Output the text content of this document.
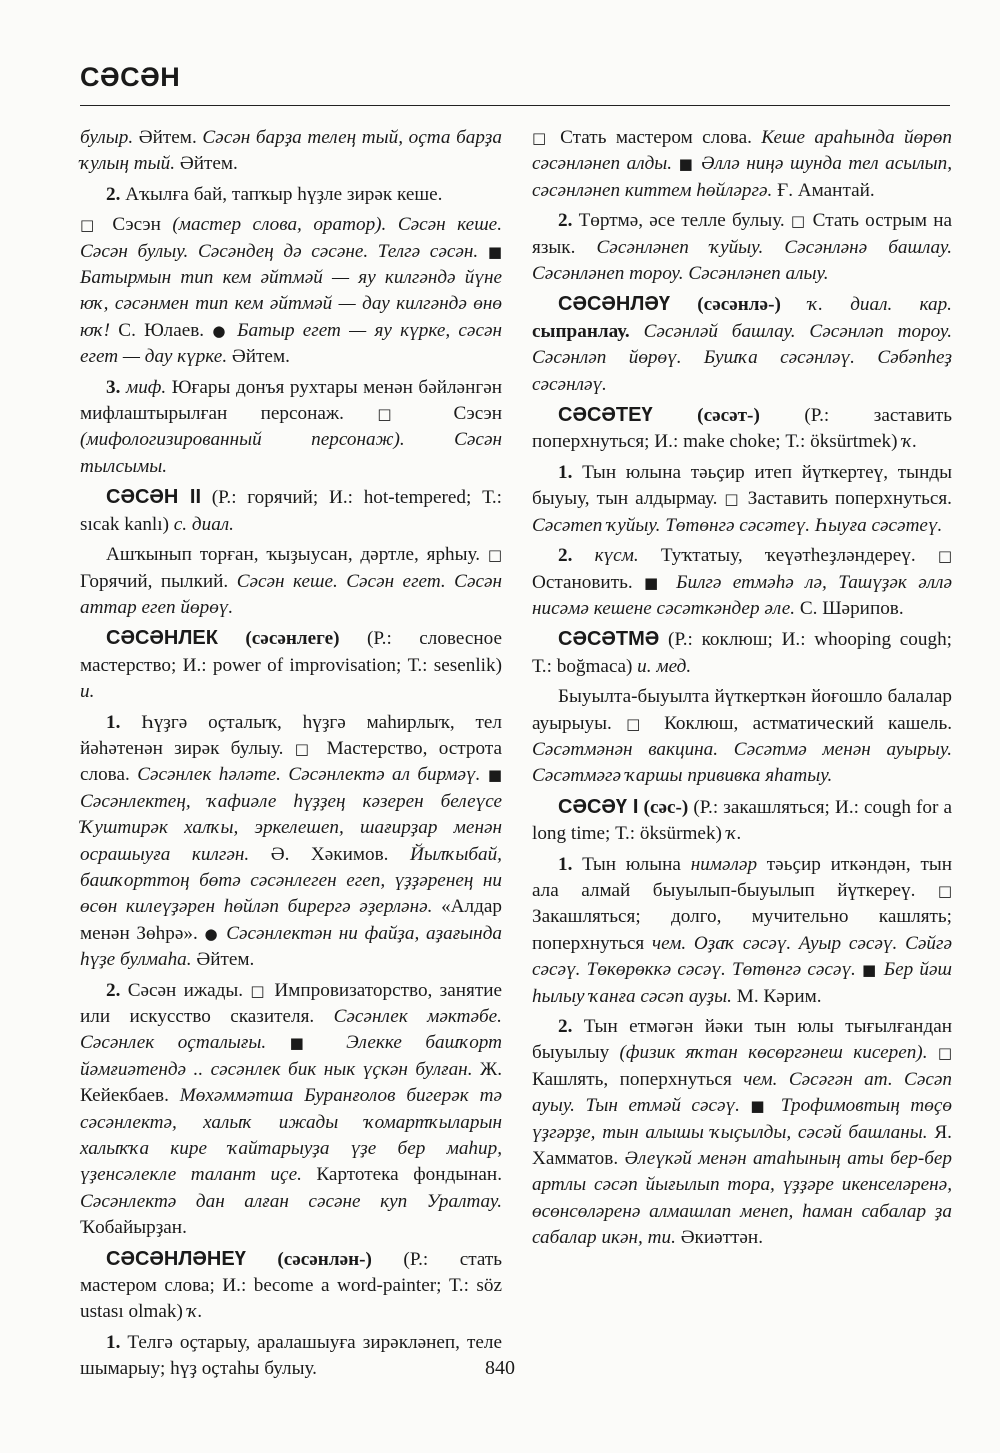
СӘСӘН

булыр. Әйтем. Сәсән барҙа телең тый, оҫта барҙа ҡулың тый. Әйтем.

2. Аҡылға бай, тапҡыр һүҙле зирәк кеше.

□ Сэсэн (мастер слова, оратор). Сәсән кеше. Сәсән булыу. Сәсәндең дә сәсәне. Телгә сәсән. ■ Батырмын тип кем әйтмәй — яу килгәндә йүне юҡ, сәсәнмен тип кем әйтмәй — дау килгәндә өнө юҡ! С. Юлаев. ● Батыр егет — яу күрке, сәсән егет — дау күрке. Әйтем.

3. миф. Юғары донъя рухтары менән бәйләнгән мифлаштырылған персонаж. □ Сэсэн (мифологизированный персонаж). Сәсән тылсымы.

СӘСӘН II (Р.: горячий; И.: hot-tempered; Т.: sıcak kanlı) с. диал.

Ашҡынып торған, ҡыҙыусан, дәртле, ярһыу. □ Горячий, пылкий. Сәсән кеше. Сәсән егет. Сәсән аттар егеп йөрөү.

СӘСӘНЛЕК (сәсәнлеге) (Р.: словесное мастерство; И.: power of improvisation; Т.: sesenlik) и.

1. Һүҙгә оҫталыҡ, һүҙгә маһирлыҡ, тел йәһәтенән зирәк булыу. □ Мастерство, острота слова. Сәсәнлек һәләте. Сәсәнлектә ал бирмәү. ■ Сәсәнлектең, ҡафиәле һүҙҙең кәзерен белеүсе Ҡуштирәк халҡы, эркелешеп, шағирҙар менән осрашыуға килгән. Ә. Хәкимов. Йылҡыбай, башҡорттоң бөтә сәсәнлеген егеп, үҙҙәренең ни өсөн килеүҙәрен һөйләп бирергә әҙерләнә. «Алдар менән Зөһрә». ● Сәсәнлектән ни файҙа, аҙағында һүҙе булмаһа. Әйтем.

2. Сәсән ижады. □ Импровизаторство, занятие или искусство сказителя. Сәсәнлек мәктәбе. Сәсәнлек оҫталығы. ■ Элекке башҡорт йәмғиәтендә .. сәсәнлек бик нык үҫкән булған. Ж. Кейекбаев. Мөхәммәтша Буранғолов бигерәк тә сәсәнлектә, халыҡ ижады ҡомартҡыларын халыҡҡа кире ҡайтарыуҙа үҙе бер маһир, үҙенсәлекле талант иҫе. Картотека фондынан. Сәсәнлектә дан алған сәсәне куп Уралтау. Ҡобайырҙан.

СӘСӘНЛӘНЕҮ (сәсәнлән-) (Р.: стать мастером слова; И.: become a word-painter; Т.: söz ustası olmak) ҡ.

1. Телгә оҫтарыу, аралашыуға зирәкләнеп, теле шымарыу; һүҙ оҫтаһы булыу.

□ Стать мастером слова. Кеше араһында йөрөп сәсәнләнеп алды. ■ Әллә ниңә шунда тел асылып, сәсәнләнеп киттем һөйләргә. Ғ. Амантай.

2. Төртмә, әсе телле булыу. □ Стать острым на язык. Сәсәнләнеп ҡуйыу. Сәсәнләнә башлау. Сәсәнләнеп тороу. Сәсәнләнеп алыу.

СӘСӘНЛӘҮ (сәсәнлә-) ҡ. диал. кар. сыпранлау. Сәсәнләй башлау. Сәсәнләп тороу. Сәсәнләп йөрөү. Бушҡа сәсәнләү. Сәбәпһеҙ сәсәнләү.

СӘСӘТЕҮ (сәсәт-) (Р.: заставить поперхнуться; И.: make choke; Т.: öksürtmek) ҡ.

1. Тын юлына тәьҫир итеп йүткертеү, тынды быуыу, тын алдырмау. □ Заставить поперхнуться. Сәсәтеп ҡуйыу. Төтөнгә сәсәтеү. Һыуға сәсәтеү.

2. күсм. Туҡтатыу, ҡеүәтһеҙләндереү. □ Остановить. ■ Билгә етмәһә лә, Ташүҙәк әллә нисәмә кешене сәсәткәндер әле. С. Шәрипов.

СӘСӘТМӘ (Р.: коклюш; И.: whooping cough; Т.: boğmaca) и. мед.

Быуылта-быуылта йүткерткән йоғошло балалар ауырыуы. □ Коклюш, астматический кашель. Сәсәтмәнән вакцина. Сәсәтмә менән ауырыу. Сәсәтмәгә ҡаршы прививка яһатыу.

СӘСӘҮ I (сәс-) (Р.: закашляться; И.: cough for a long time; Т.: öksürmek) ҡ.

1. Тын юлына нимәләр тәьҫир иткәндән, тын ала алмай быуылып-быуылып йүткереү. □ Закашляться; долго, мучительно кашлять; поперхнуться чем. Оҙаҡ сәсәү. Ауыр сәсәү. Сәйгә сәсәү. Төкөрөккә сәсәү. Төтөнгә сәсәү. ■ Бер йәш һылыу ҡанға сәсәп ауҙы. М. Кәрим.

2. Тын етмәгән йәки тын юлы тығылғандан быуылыу (физик яҡтан көсөргәнеш кисереп). □ Кашлять, поперхнуться чем. Сәсәгән ат. Сәсәп ауыу. Тын етмәй сәсәү. ■ Трофимовтың төҫө үҙгәрҙе, тын алышы ҡыҫылды, сәсәй башланы. Я. Хамматов. Әлеүкәй менән атаһының аты бер-бер артлы сәсәп йығылып тора, үҙҙәре икенселәренә, өсөнсөләренә алмашлап менеп, һаман сабалар ҙа сабалар икән, ти. Әкиәттән.

840
